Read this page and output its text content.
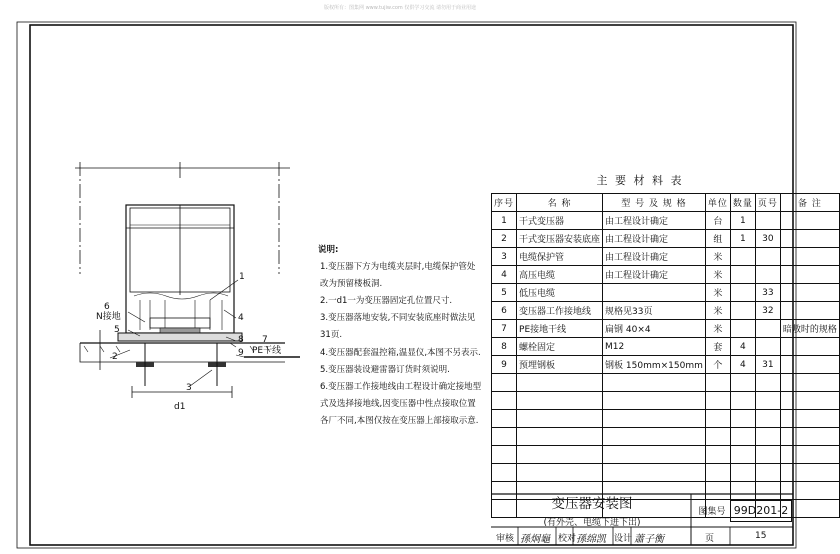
版权所有：图集网 www.tujiw.com 仅供学习交流 请勿用于商业用途
1
4
6
N接地
5
2
3
8
9
7
PE干线
d1
说明:
1.变压器下方为电缆夹层时,电缆保护管处
改为预留楼板洞.
2.一d1一为变压器固定孔位置尺寸.
3.变压器落地安装,不同安装底座时做法见
31页.
4.变压器配套温控箱,温显仪,本图不另表示.
5.变压器装设避雷器订货时须说明.
6.变压器工作接地线由工程设计确定接地型
式及选择接地线,因变压器中性点接取位置
各厂不同,本图仅按在变压器上部接取示意.
主 要 材 料 表
序号	名 称	型 号 及 规 格	单位	数量	页号	备 注
1	干式变压器	由工程设计确定	台	1		
2	干式变压器安装底座	由工程设计确定	组	1	30	
3	电缆保护管	由工程设计确定	米			
4	高压电缆	由工程设计确定	米			
5	低压电缆		米		33	
6	变压器工作接地线	规格见33页	米		32	
7	PE接地干线	扁钢 40×4	米			暗敷时的规格
8	螺栓固定	M12	套	4		
9	预埋钢板	钢板 150mm×150mm	个	4	31	

变压器安装图
(有外壳、电缆下进下出)
图集号 99D201-2
审核 孫炯龜 校对 孫绵凯 设计 蕭子衡	页	15
